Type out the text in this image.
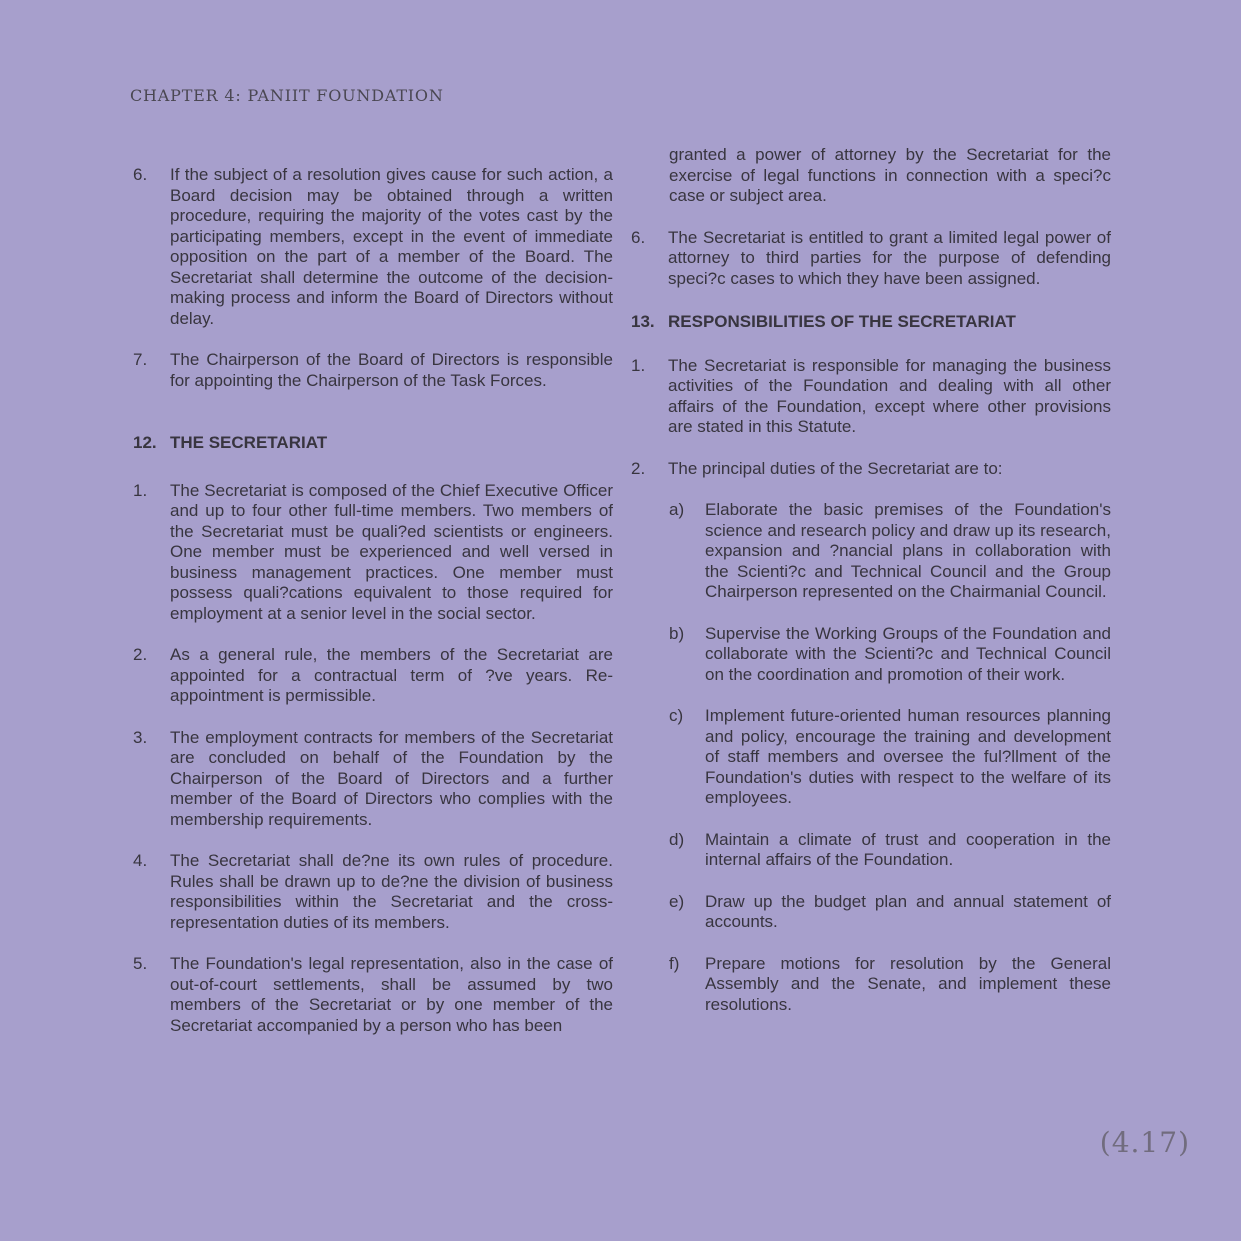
CHAPTER 4: PANIIT FOUNDATION
6.	If the subject of a resolution gives cause for such action, a Board decision may be obtained through a written procedure, requiring the majority of the votes cast by the participating members, except in the event of immediate opposition on the part of a member of the Board. The Secretariat shall determine the outcome of the decision-making process and inform the Board of Directors without delay.
7.	The Chairperson of the Board of Directors is responsible for appointing the Chairperson of the Task Forces.
12. THE SECRETARIAT
1.	The Secretariat is composed of the Chief Executive Officer and up to four other full-time members. Two members of the Secretariat must be quali?ed scientists or engineers. One member must be experienced and well versed in business management practices. One member must possess quali?cations equivalent to those required for employment at a senior level in the social sector.
2.	As a general rule, the members of the Secretariat are appointed for a contractual term of ?ve years. Re-appointment is permissible.
3.	The employment contracts for members of the Secretariat are concluded on behalf of the Foundation by the Chairperson of the Board of Directors and a further member of the Board of Directors who complies with the membership requirements.
4.	The Secretariat shall de?ne its own rules of procedure. Rules shall be drawn up to de?ne the division of business responsibilities within the Secretariat and the cross-representation duties of its members.
5.	The Foundation's legal representation, also in the case of out-of-court settlements, shall be assumed by two members of the Secretariat or by one member of the Secretariat accompanied by a person who has been
granted a power of attorney by the Secretariat for the exercise of legal functions in connection with a speci?c case or subject area.
6.	The Secretariat is entitled to grant a limited legal power of attorney to third parties for the purpose of defending speci?c cases to which they have been assigned.
13. RESPONSIBILITIES OF THE SECRETARIAT
1.	The Secretariat is responsible for managing the business activities of the Foundation and dealing with all other affairs of the Foundation, except where other provisions are stated in this Statute.
2.	The principal duties of the Secretariat are to:
a)	Elaborate the basic premises of the Foundation's science and research policy and draw up its research, expansion and ?nancial plans in collaboration with the Scienti?c and Technical Council and the Group Chairperson represented on the Chairmanial Council.
b)	Supervise the Working Groups of the Foundation and collaborate with the Scienti?c and Technical Council on the coordination and promotion of their work.
c)	Implement future-oriented human resources planning and policy, encourage the training and development of staff members and oversee the ful?llment of the Foundation's duties with respect to the welfare of its employees.
d)	Maintain a climate of trust and cooperation in the internal affairs of the Foundation.
e)	Draw up the budget plan and annual statement of accounts.
f)	Prepare motions for resolution by the General Assembly and the Senate, and implement these resolutions.
(4.17)
